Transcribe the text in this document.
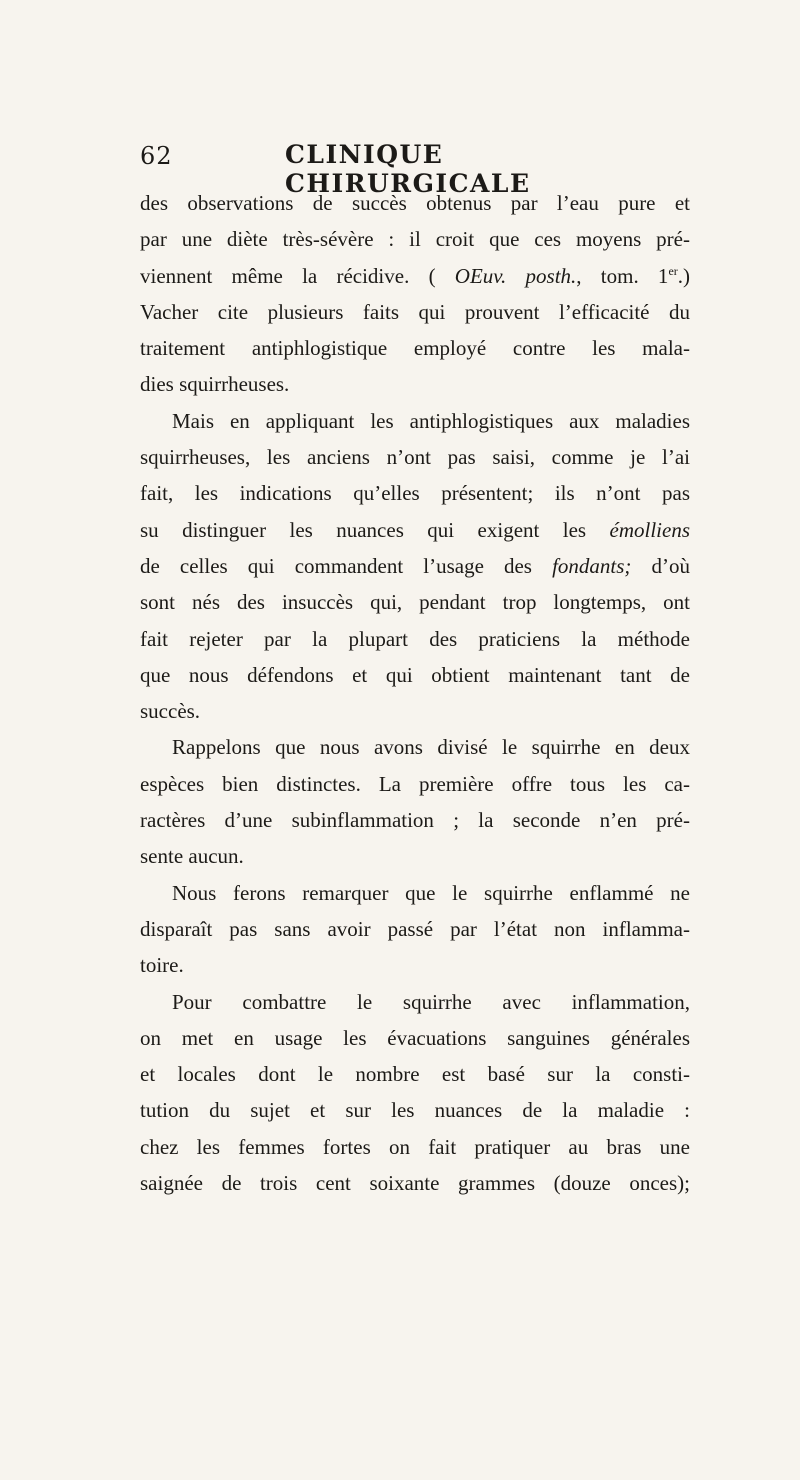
62	CLINIQUE CHIRURGICALE
des observations de succès obtenus par l’eau pure et
par une diète très-sévère : il croit que ces moyens pré-
viennent même la récidive. ( OEuv. posth., tom. 1er.)
Vacher cite plusieurs faits qui prouvent l’efficacité du
traitement antiphlogistique employé contre les mala-
dies squirrheuses.
Mais en appliquant les antiphlogistiques aux maladies
squirrheuses, les anciens n’ont pas saisi, comme je l’ai
fait, les indications qu’elles présentent; ils n’ont pas
su distinguer les nuances qui exigent les émolliens
de celles qui commandent l’usage des fondants; d’où
sont nés des insuccès qui, pendant trop longtemps, ont
fait rejeter par la plupart des praticiens la méthode
que nous défendons et qui obtient maintenant tant de
succès.
Rappelons que nous avons divisé le squirrhe en deux
espèces bien distinctes. La première offre tous les ca-
ractères d’une subinflammation ; la seconde n’en pré-
sente aucun.
Nous ferons remarquer que le squirrhe enflammé ne
disparaît pas sans avoir passé par l’état non inflamma-
toire.
Pour combattre le squirrhe avec inflammation,
on met en usage les évacuations sanguines générales
et locales dont le nombre est basé sur la consti-
tution du sujet et sur les nuances de la maladie :
chez les femmes fortes on fait pratiquer au bras une
saignée de trois cent soixante grammes (douze onces);
